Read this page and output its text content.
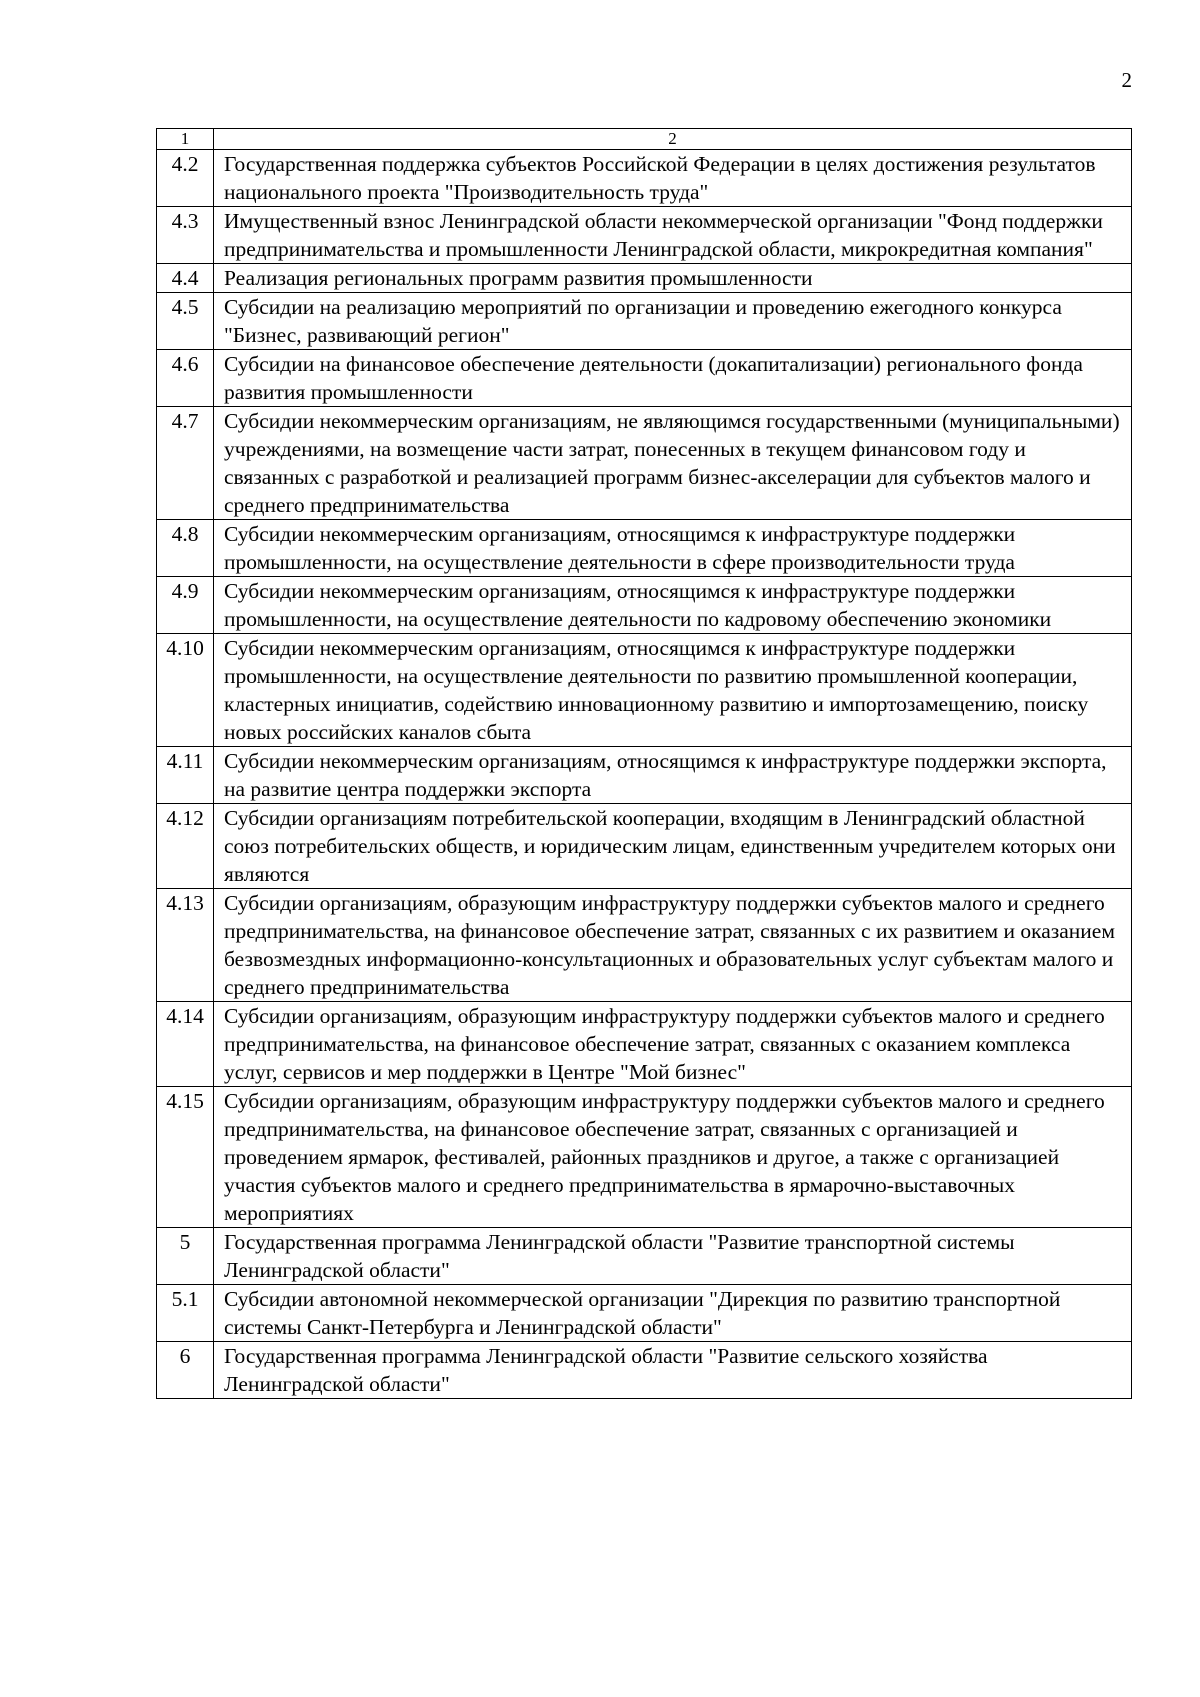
2
1	2
4.2	Государственная поддержка субъектов Российской Федерации в целях достижения результатов национального проекта "Производительность труда"
4.3	Имущественный взнос Ленинградской области некоммерческой организации "Фонд поддержки предпринимательства и промышленности Ленинградской области, микрокредитная компания"
4.4	Реализация региональных программ развития промышленности
4.5	Субсидии на реализацию мероприятий по организации и проведению ежегодного конкурса "Бизнес, развивающий регион"
4.6	Субсидии на финансовое обеспечение деятельности (докапитализации) регионального фонда развития промышленности
4.7	Субсидии некоммерческим организациям, не являющимся государственными (муниципальными) учреждениями, на возмещение части затрат, понесенных в текущем финансовом году и связанных с разработкой и реализацией программ бизнес-акселерации для субъектов малого и среднего предпринимательства
4.8	Субсидии некоммерческим организациям, относящимся к инфраструктуре поддержки промышленности, на осуществление деятельности в сфере производительности труда
4.9	Субсидии некоммерческим организациям, относящимся к инфраструктуре поддержки промышленности, на осуществление деятельности по кадровому обеспечению экономики
4.10	Субсидии некоммерческим организациям, относящимся к инфраструктуре поддержки промышленности, на осуществление деятельности по развитию промышленной кооперации, кластерных инициатив, содействию инновационному развитию и импортозамещению, поиску новых российских каналов сбыта
4.11	Субсидии некоммерческим организациям, относящимся к инфраструктуре поддержки экспорта, на развитие центра поддержки экспорта
4.12	Субсидии организациям потребительской кооперации, входящим в Ленинградский областной союз потребительских обществ, и юридическим лицам, единственным учредителем которых они являются
4.13	Субсидии организациям, образующим инфраструктуру поддержки субъектов малого и среднего предпринимательства, на финансовое обеспечение затрат, связанных с их развитием и оказанием безвозмездных информационно-консультационных и образовательных услуг субъектам малого и среднего предпринимательства
4.14	Субсидии организациям, образующим инфраструктуру поддержки субъектов малого и среднего предпринимательства, на финансовое обеспечение затрат, связанных с оказанием комплекса услуг, сервисов и мер поддержки в Центре "Мой бизнес"
4.15	Субсидии организациям, образующим инфраструктуру поддержки субъектов малого и среднего предпринимательства, на финансовое обеспечение затрат, связанных с организацией и проведением ярмарок, фестивалей, районных праздников и другое, а также с организацией участия субъектов малого и среднего предпринимательства в ярмарочно-выставочных мероприятиях
5	Государственная программа Ленинградской области "Развитие транспортной системы Ленинградской области"
5.1	Субсидии автономной некоммерческой организации "Дирекция по развитию транспортной системы Санкт-Петербурга и Ленинградской области"
6	Государственная программа Ленинградской области "Развитие сельского хозяйства Ленинградской области"
